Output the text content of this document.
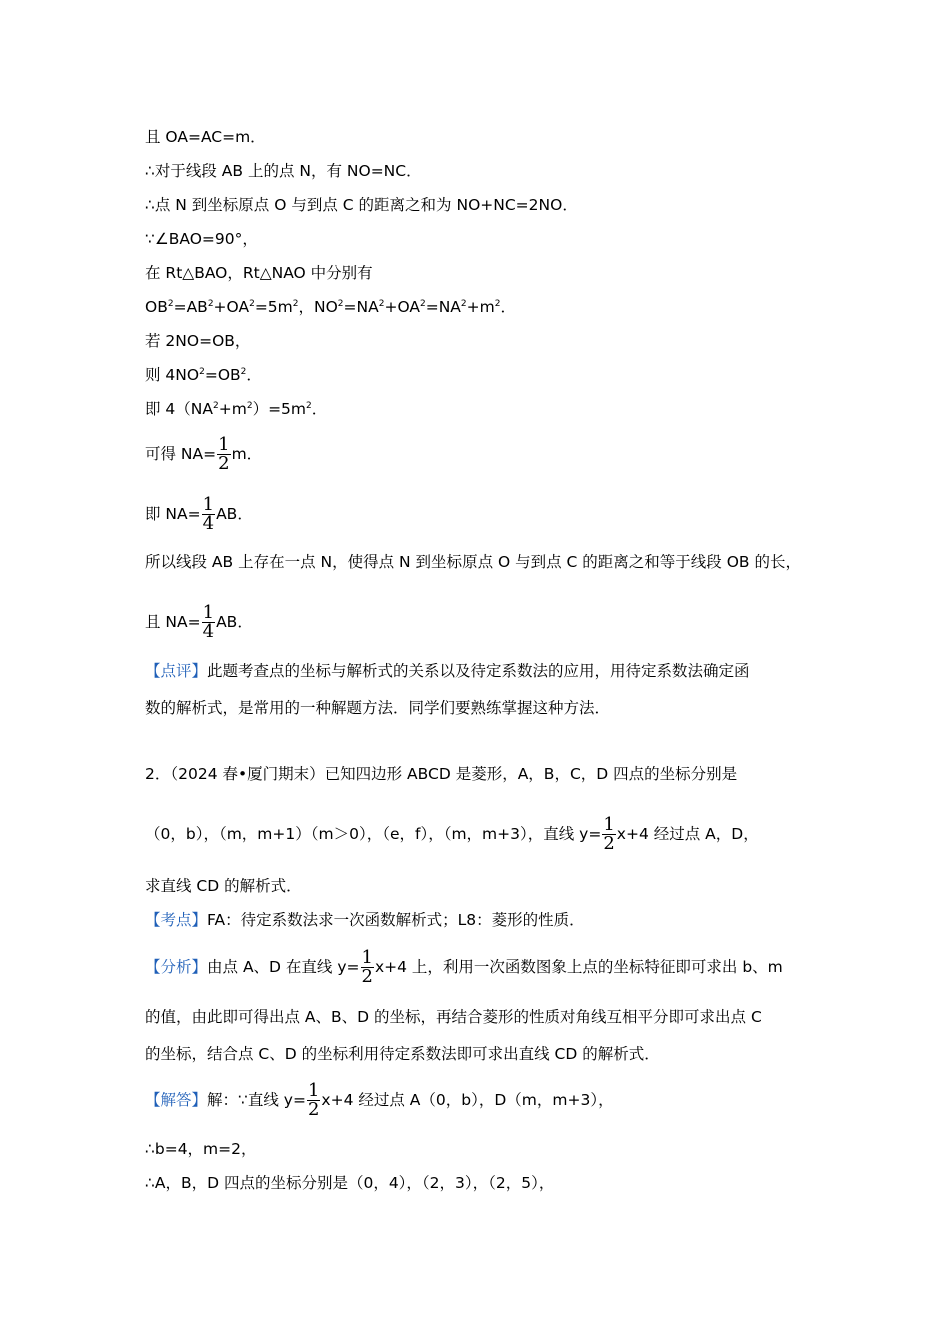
且 OA=AC=m．
∴对于线段 AB 上的点 N，有 NO=NC．
∴点 N 到坐标原点 O 与到点 C 的距离之和为 NO+NC=2NO．
∵∠BAO=90°，
在 Rt△BAO，Rt△NAO 中分别有
$OB^2=AB^2+OA^2=5m^2$，$NO^2=NA^2+OA^2=NA^2+m^2$．
若 2NO=OB，
则 $4NO^2=OB^2$．
即 $4(NA^2+m^2)=5m^2$．
可得 $NA= \frac{1}{2}$ m．
即 $NA= \frac{1}{4}$ AB．
所以线段 AB 上存在一点 N，使得点 N 到坐标原点 O 与到点 C 的距离之和等于线段 OB 的长，
且 $NA= \frac{1}{4}$ AB．
【点评】此题考查点的坐标与解析式的关系以及待定系数法的应用，用待定系数法确定函
数的解析式，是常用的一种解题方法．同学们要熟练掌握这种方法．
2．（2024 春•厦门期末）已知四边形 ABCD 是菱形，A，B，C，D 四点的坐标分别是
（0，b），（m，m+1）（m＞0），（e，f），（m，m+3），直线 $y= \frac{1}{2} x+4$ 经过点 A，D，
求直线 CD 的解析式．
【考点】FA：待定系数法求一次函数解析式；L8：菱形的性质．
【分析】由点 A、D 在直线 $y= \frac{1}{2} x+4$ 上，利用一次函数图象上点的坐标特征即可求出 b、m
的值，由此即可得出点 A、B、D 的坐标，再结合菱形的性质对角线互相平分即可求出点 C
的坐标，结合点 C、D 的坐标利用待定系数法即可求出直线 CD 的解析式．
【解答】解：∵直线 $y= \frac{1}{2} x+4$ 经过点 A（0，b），D（m，m+3），
∴b=4，m=2，
∴A，B，D 四点的坐标分别是（0，4），（2，3），（2，5），
